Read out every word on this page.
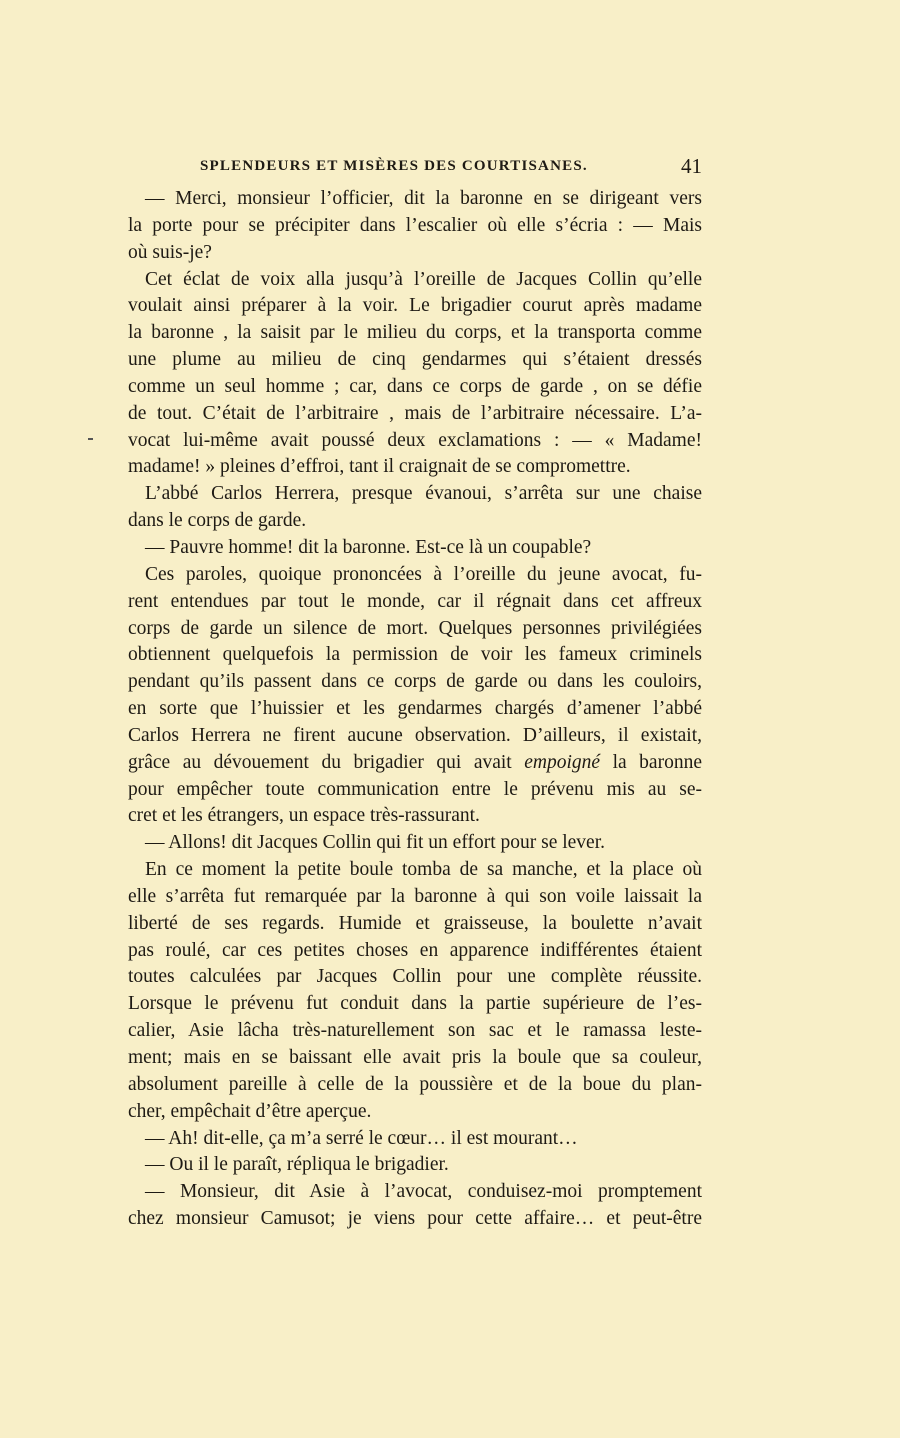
SPLENDEURS ET MISÈRES DES COURTISANES.	41
— Merci, monsieur l’officier, dit la baronne en se dirigeant vers
la porte pour se précipiter dans l’escalier où elle s’écria : — Mais
où suis-je?
Cet éclat de voix alla jusqu’à l’oreille de Jacques Collin qu’elle
voulait ainsi préparer à la voir. Le brigadier courut après madame
la baronne , la saisit par le milieu du corps, et la transporta comme
une plume au milieu de cinq gendarmes qui s’étaient dressés
comme un seul homme ; car, dans ce corps de garde , on se défie
de tout. C’était de l’arbitraire , mais de l’arbitraire nécessaire. L’a-
vocat lui-même avait poussé deux exclamations : — « Madame!
madame! » pleines d’effroi, tant il craignait de se compromettre.
L’abbé Carlos Herrera, presque évanoui, s’arrêta sur une chaise
dans le corps de garde.
— Pauvre homme! dit la baronne. Est-ce là un coupable?
Ces paroles, quoique prononcées à l’oreille du jeune avocat, fu-
rent entendues par tout le monde, car il régnait dans cet affreux
corps de garde un silence de mort. Quelques personnes privilégiées
obtiennent quelquefois la permission de voir les fameux criminels
pendant qu’ils passent dans ce corps de garde ou dans les couloirs,
en sorte que l’huissier et les gendarmes chargés d’amener l’abbé
Carlos Herrera ne firent aucune observation. D’ailleurs, il existait,
grâce au dévouement du brigadier qui avait empoigné la baronne
pour empêcher toute communication entre le prévenu mis au se-
cret et les étrangers, un espace très-rassurant.
— Allons! dit Jacques Collin qui fit un effort pour se lever.
En ce moment la petite boule tomba de sa manche, et la place où
elle s’arrêta fut remarquée par la baronne à qui son voile laissait la
liberté de ses regards. Humide et graisseuse, la boulette n’avait
pas roulé, car ces petites choses en apparence indifférentes étaient
toutes calculées par Jacques Collin pour une complète réussite.
Lorsque le prévenu fut conduit dans la partie supérieure de l’es-
calier, Asie lâcha très-naturellement son sac et le ramassa leste-
ment; mais en se baissant elle avait pris la boule que sa couleur,
absolument pareille à celle de la poussière et de la boue du plan-
cher, empêchait d’être aperçue.
— Ah! dit-elle, ça m’a serré le cœur… il est mourant…
— Ou il le paraît, répliqua le brigadier.
— Monsieur, dit Asie à l’avocat, conduisez-moi promptement
chez monsieur Camusot; je viens pour cette affaire… et peut-être
